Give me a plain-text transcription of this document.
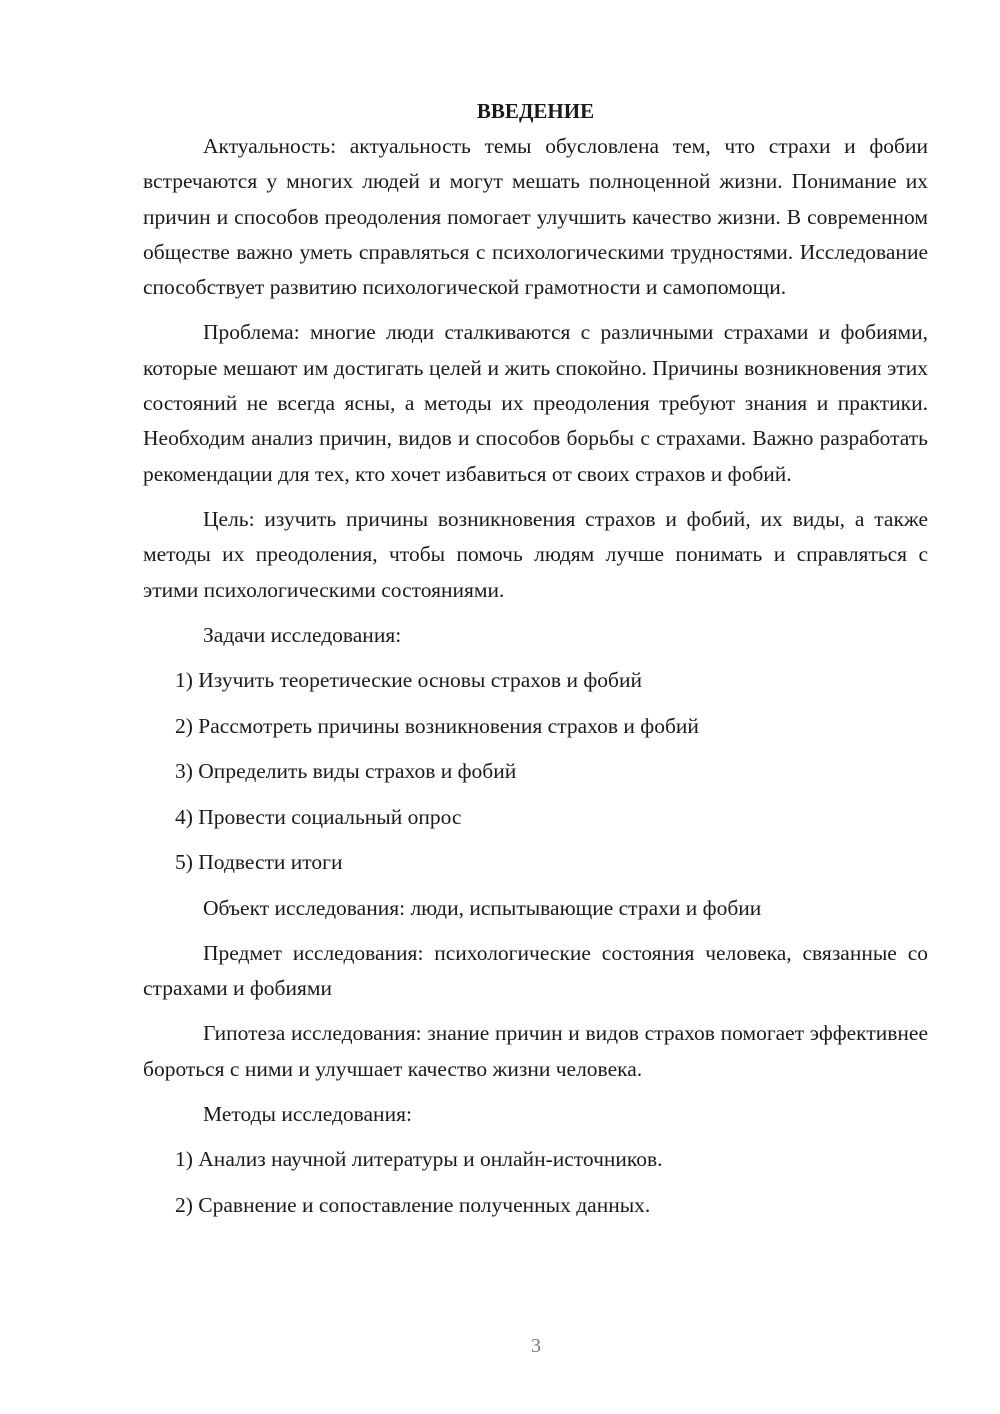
ВВЕДЕНИЕ

Актуальность: актуальность темы обусловлена тем, что страхи и фобии встречаются у многих людей и могут мешать полноценной жизни. Понимание их причин и способов преодоления помогает улучшить качество жизни. В современном обществе важно уметь справляться с психологическими трудностями. Исследование способствует развитию психологической грамотности и самопомощи.

Проблема: многие люди сталкиваются с различными страхами и фобиями, которые мешают им достигать целей и жить спокойно. Причины возникновения этих состояний не всегда ясны, а методы их преодоления требуют знания и практики. Необходим анализ причин, видов и способов борьбы с страхами. Важно разработать рекомендации для тех, кто хочет избавиться от своих страхов и фобий.

Цель: изучить причины возникновения страхов и фобий, их виды, а также методы их преодоления, чтобы помочь людям лучше понимать и справляться с этими психологическими состояниями.

Задачи исследования:

1) Изучить теоретические основы страхов и фобий
2) Рассмотреть причины возникновения страхов и фобий
3) Определить виды страхов и фобий
4) Провести социальный опрос
5) Подвести итоги

Объект исследования: люди, испытывающие страхи и фобии

Предмет исследования: психологические состояния человека, связанные со страхами и фобиями

Гипотеза исследования: знание причин и видов страхов помогает эффективнее бороться с ними и улучшает качество жизни человека.

Методы исследования:

1) Анализ научной литературы и онлайн-источников.
2) Сравнение и сопоставление полученных данных.
3
